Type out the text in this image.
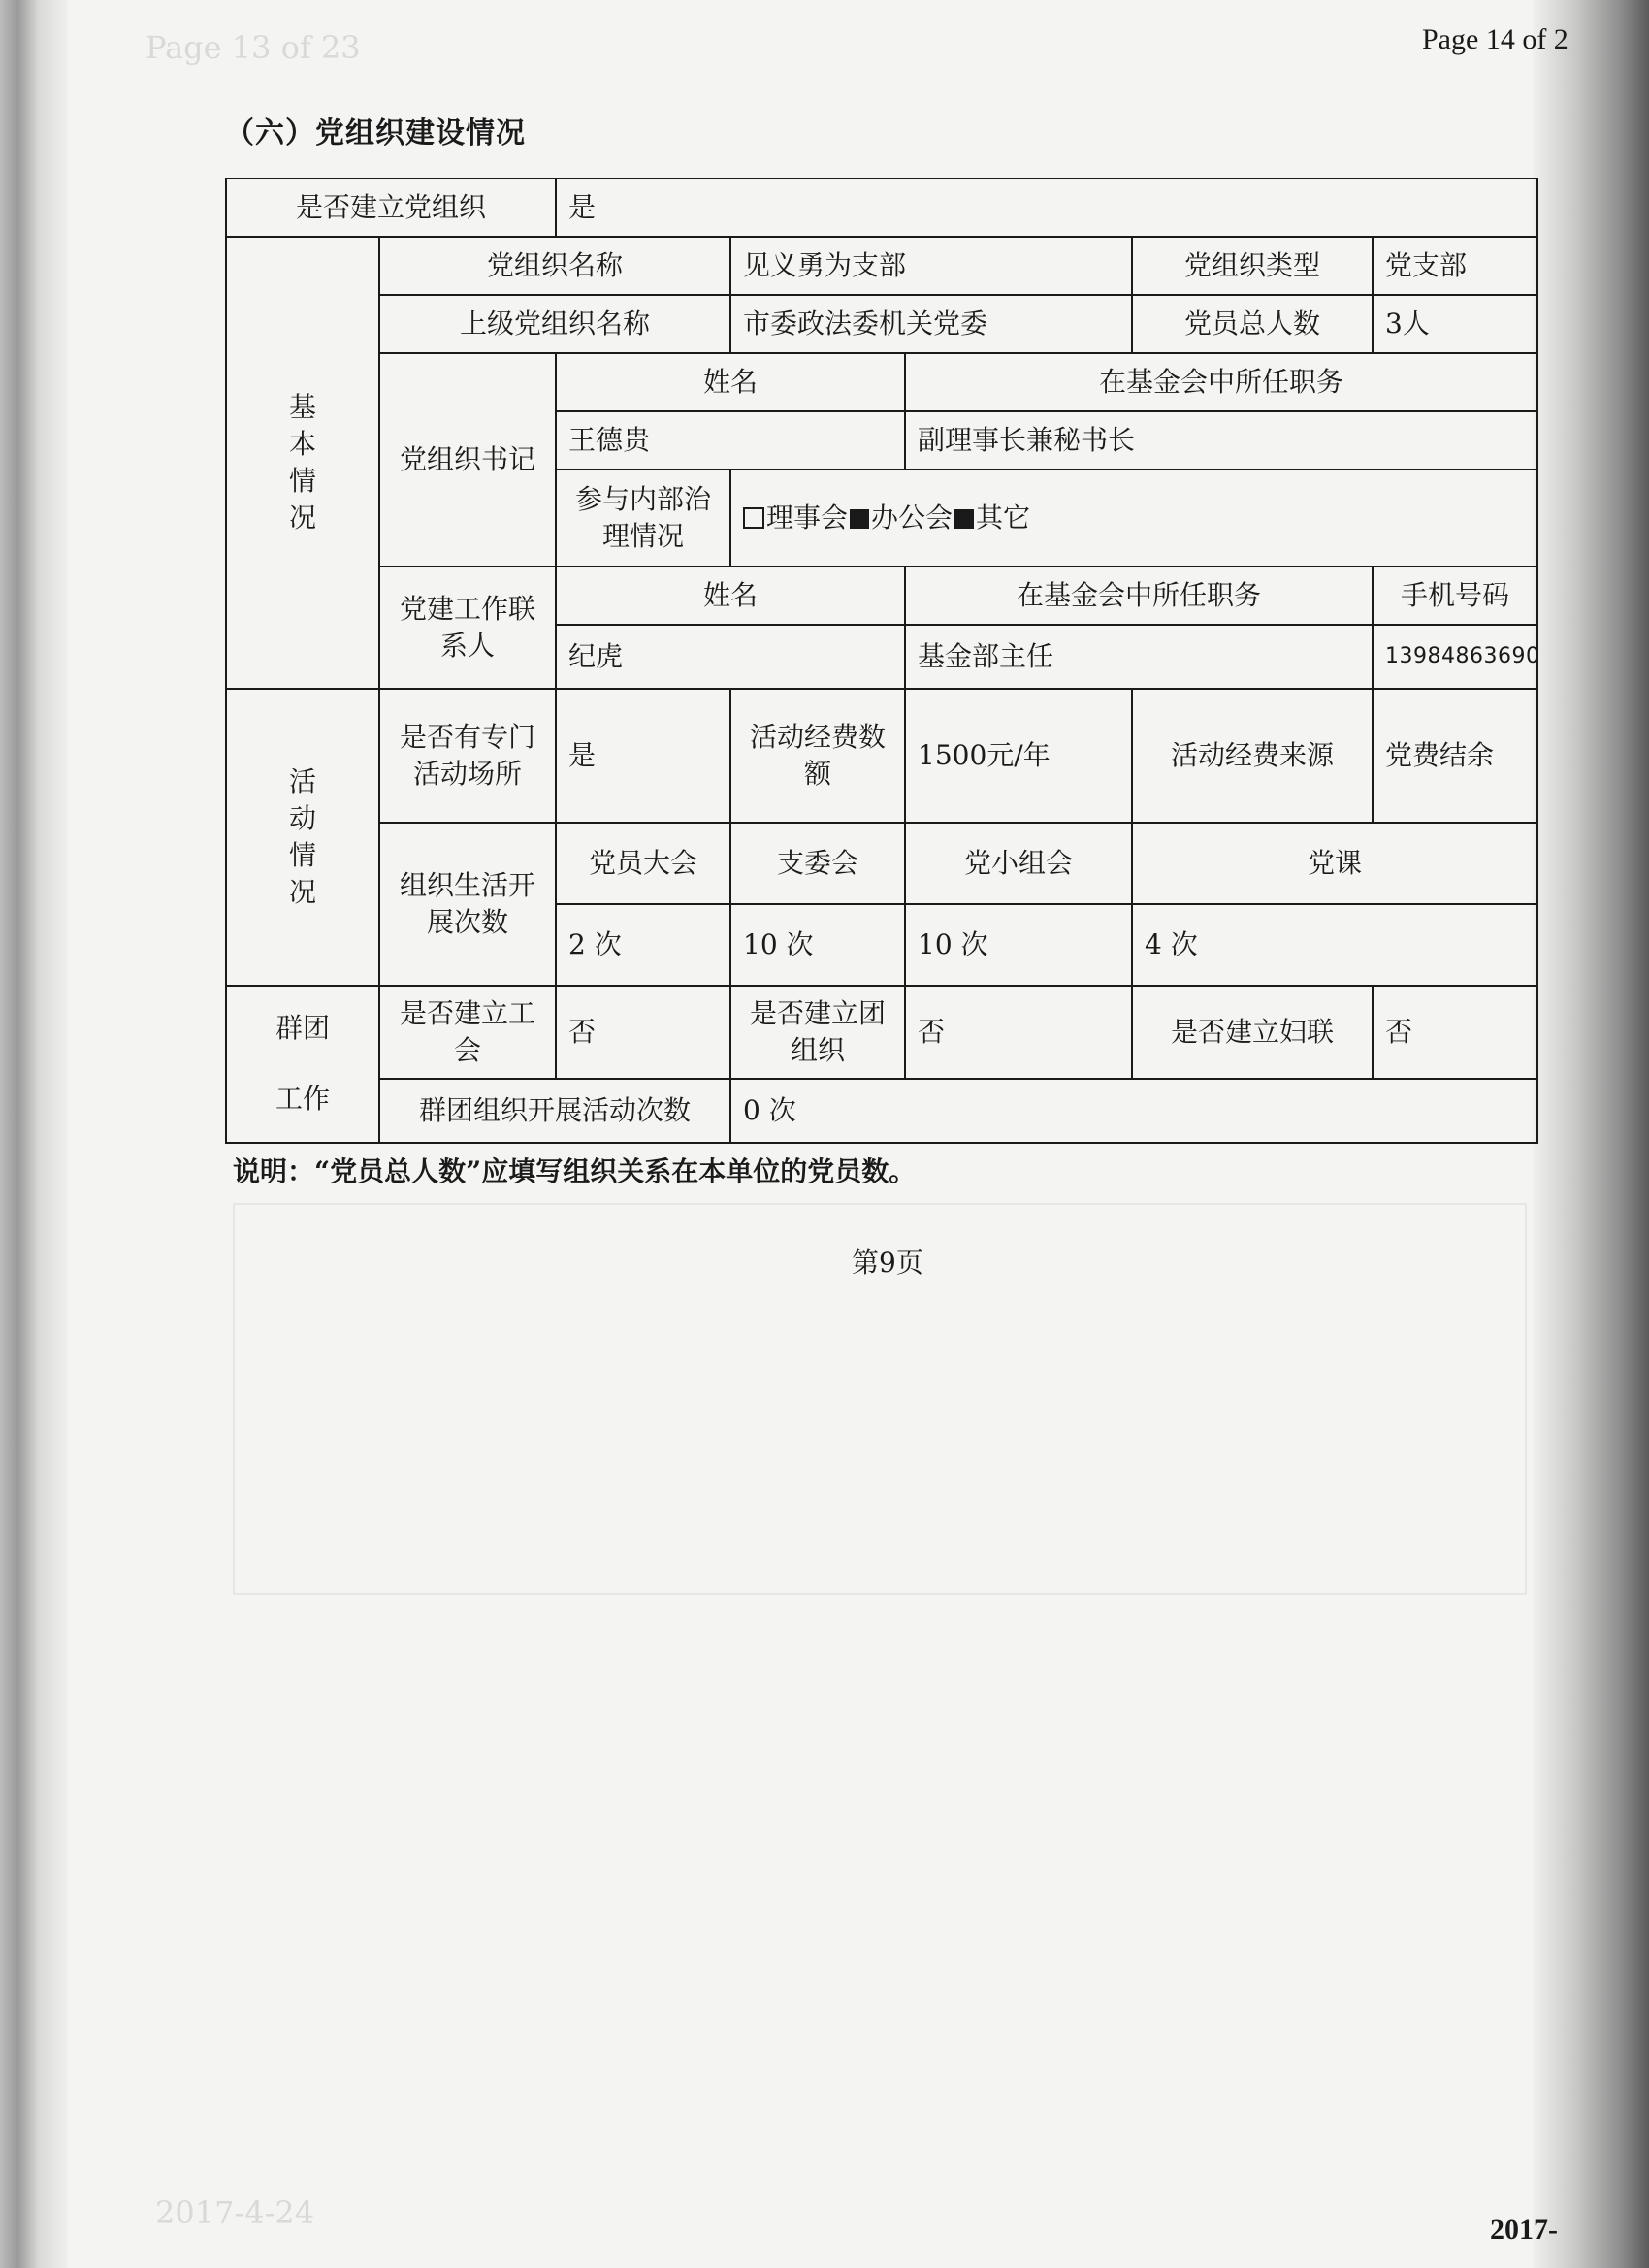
Page 13 of 23
2017-4-24
Page 14 of 2
（六）党组织建设情况
是否建立党组织		是				

基
本
情
况	党组织名称		见义勇为支部		党组织类型	党支部
	上级党组织名称		市委政法委机关党委		党员总人数	3人
	党组织书记	姓名		在基金会中所任职务		
		王德贵		副理事长兼秘书长		
		参与内部治理情况	理事会 办公会 其它			
	党建工作联系人	姓名		在基金会中所任职务		手机号码
		纪虎		基金部主任		13984863690

活
动
情
况	是否有专门活动场所	是	活动经费数额	1500元/年	活动经费来源	党费结余
	组织生活开展次数	党员大会	支委会	党小组会	党课	
		2 次	10 次	10 次	4 次	

群团
工作	是否建立工会	否	是否建立团组织	否	是否建立妇联	否
	群团组织开展活动次数		0 次			
说明：“党员总人数”应填写组织关系在本单位的党员数。
第9页
2017-
